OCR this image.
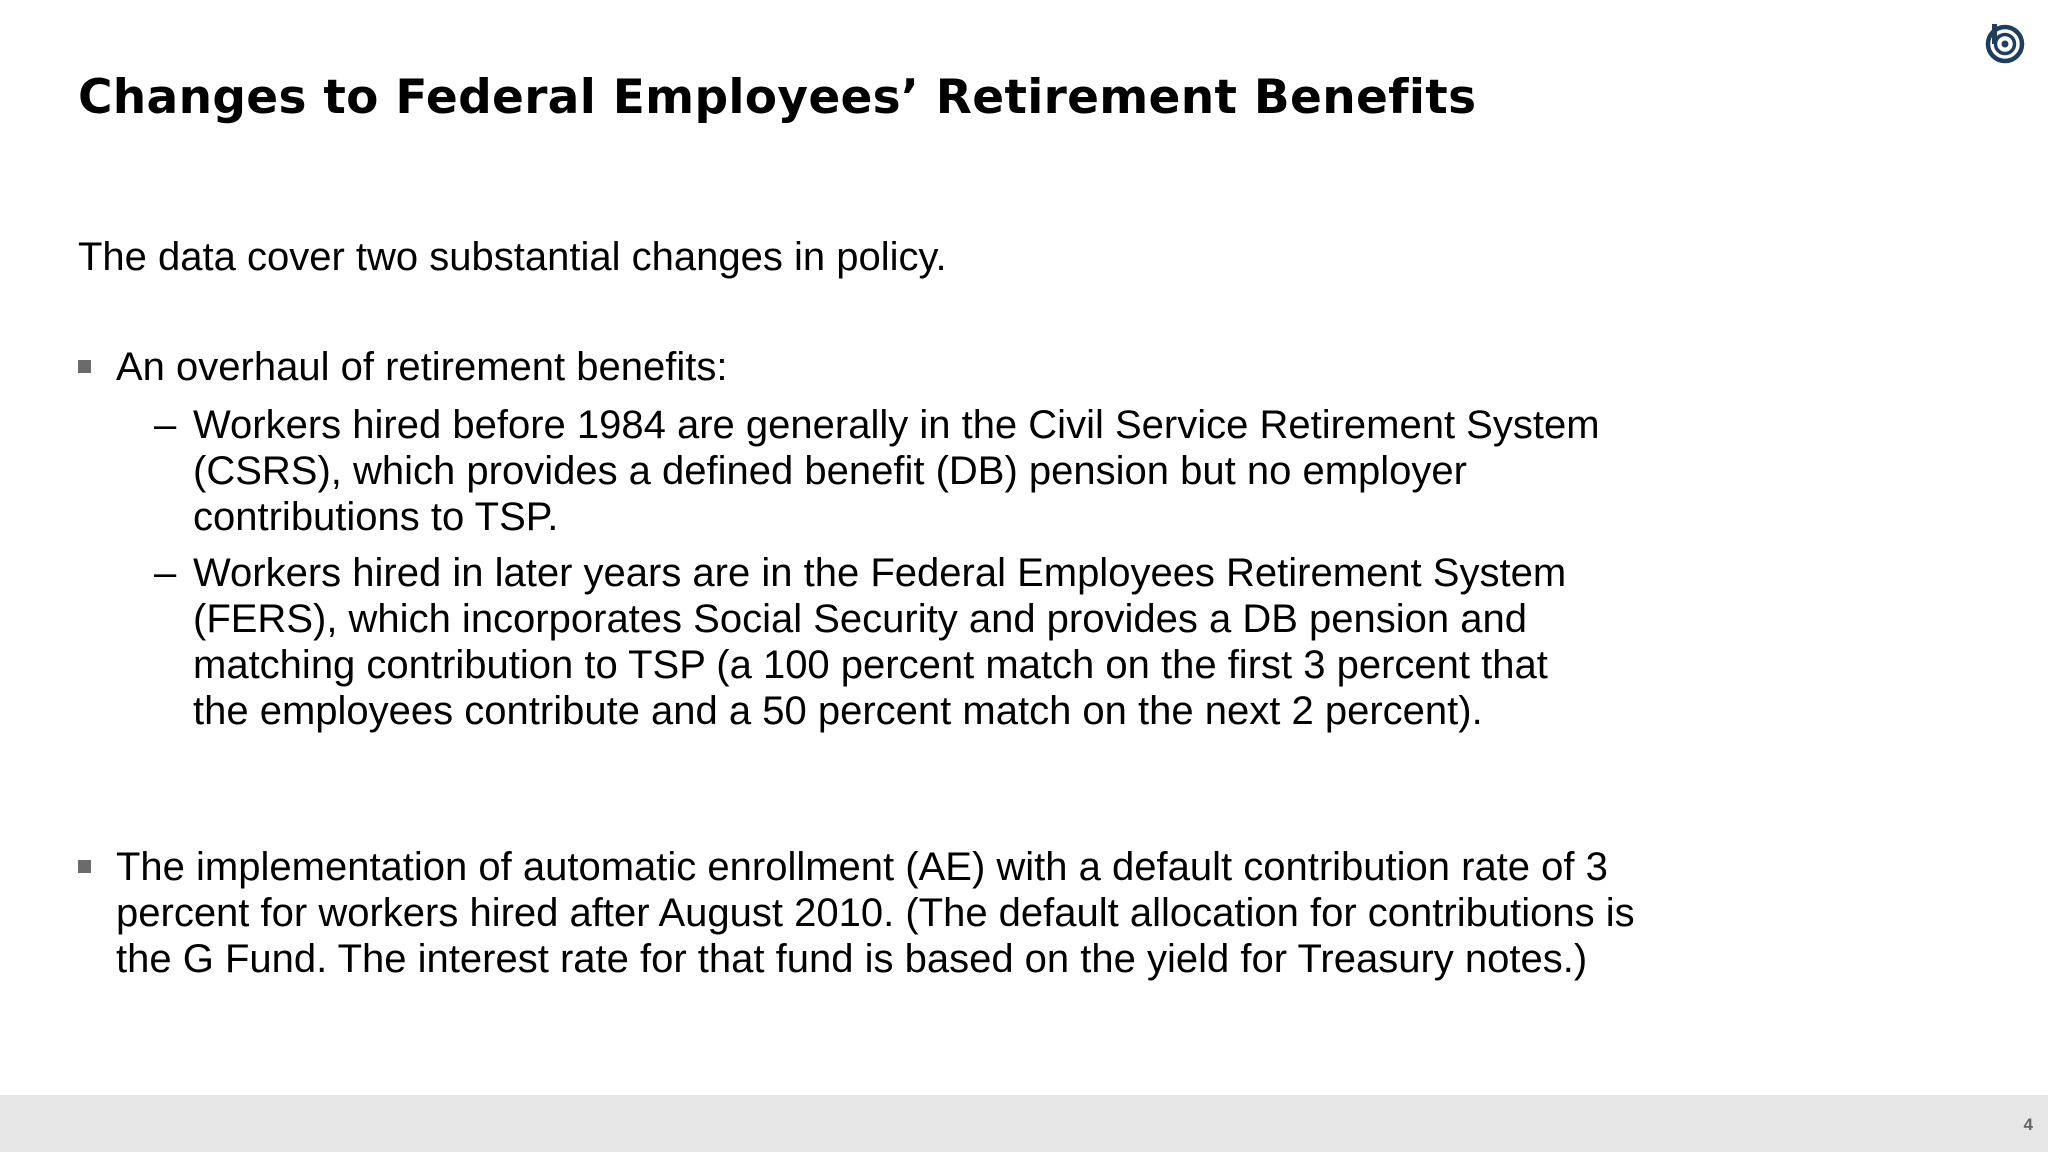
Changes to Federal Employees’ Retirement Benefits

The data cover two substantial changes in policy.

An overhaul of retirement benefits:
– Workers hired before 1984 are generally in the Civil Service Retirement System (CSRS), which provides a defined benefit (DB) pension but no employer contributions to TSP.
– Workers hired in later years are in the Federal Employees Retirement System (FERS), which incorporates Social Security and provides a DB pension and matching contribution to TSP (a 100 percent match on the first 3 percent that the employees contribute and a 50 percent match on the next 2 percent).
The implementation of automatic enrollment (AE) with a default contribution rate of 3 percent for workers hired after August 2010. (The default allocation for contributions is the G Fund. The interest rate for that fund is based on the yield for Treasury notes.)
4
